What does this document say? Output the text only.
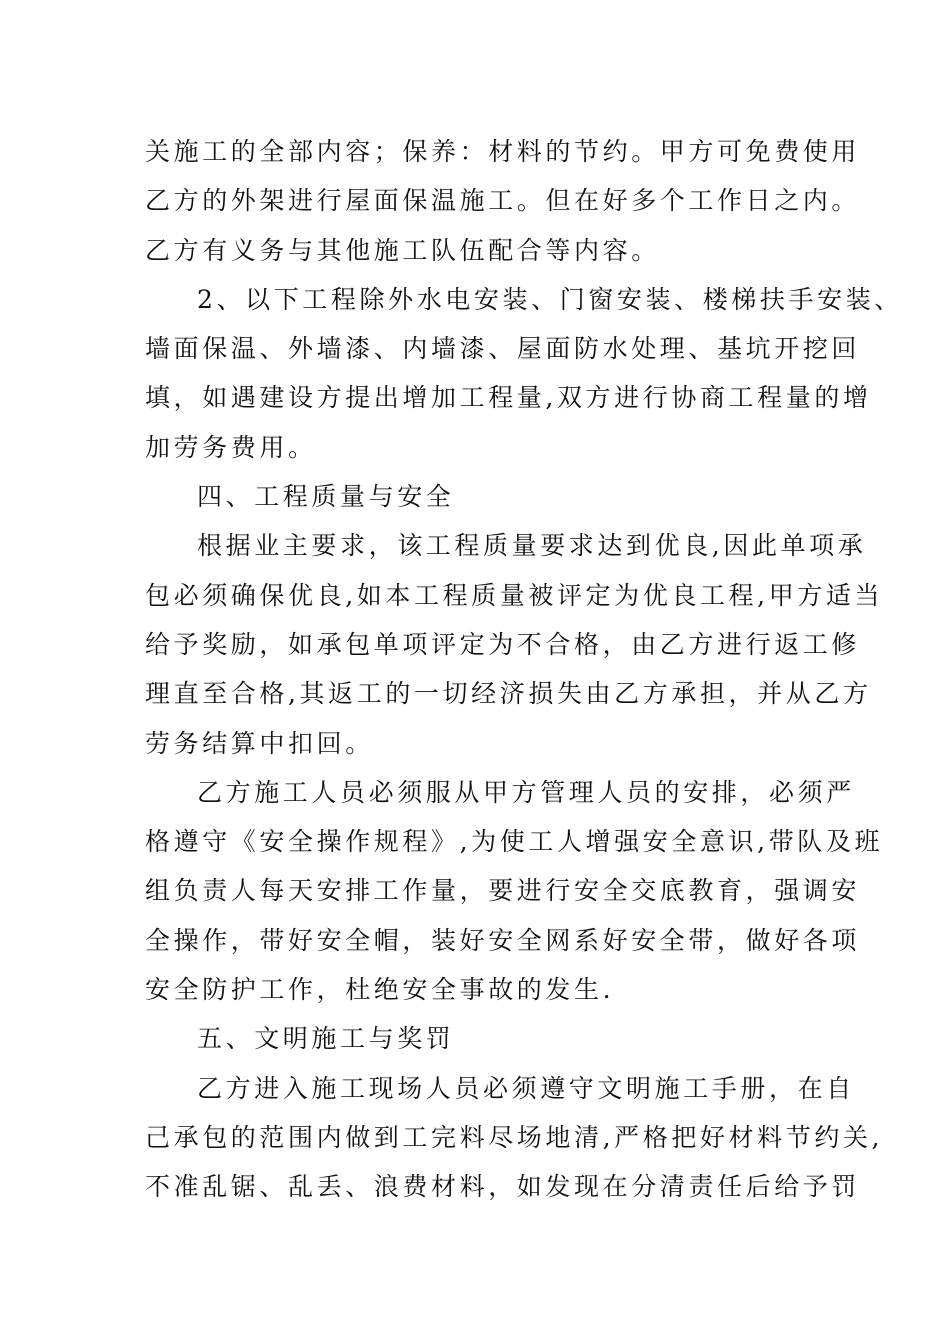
关施工的全部内容；保养：材料的节约。甲方可免费使用
乙方的外架进行屋面保温施工。但在好多个工作日之内。
乙方有义务与其他施工队伍配合等内容。
2、以下工程除外水电安装、门窗安装、楼梯扶手安装、
墙面保温、外墙漆、内墙漆、屋面防水处理、基坑开挖回
填，如遇建设方提出增加工程量,双方进行协商工程量的增
加劳务费用。
四、工程质量与安全
根据业主要求，该工程质量要求达到优良,因此单项承
包必须确保优良,如本工程质量被评定为优良工程,甲方适当
给予奖励，如承包单项评定为不合格，由乙方进行返工修
理直至合格,其返工的一切经济损失由乙方承担，并从乙方
劳务结算中扣回。
乙方施工人员必须服从甲方管理人员的安排，必须严
格遵守《安全操作规程》,为使工人增强安全意识,带队及班
组负责人每天安排工作量，要进行安全交底教育，强调安
全操作，带好安全帽，装好安全网系好安全带，做好各项
安全防护工作，杜绝安全事故的发生.
五、文明施工与奖罚
乙方进入施工现场人员必须遵守文明施工手册，在自
己承包的范围内做到工完料尽场地清,严格把好材料节约关,
不准乱锯、乱丢、浪费材料，如发现在分清责任后给予罚
